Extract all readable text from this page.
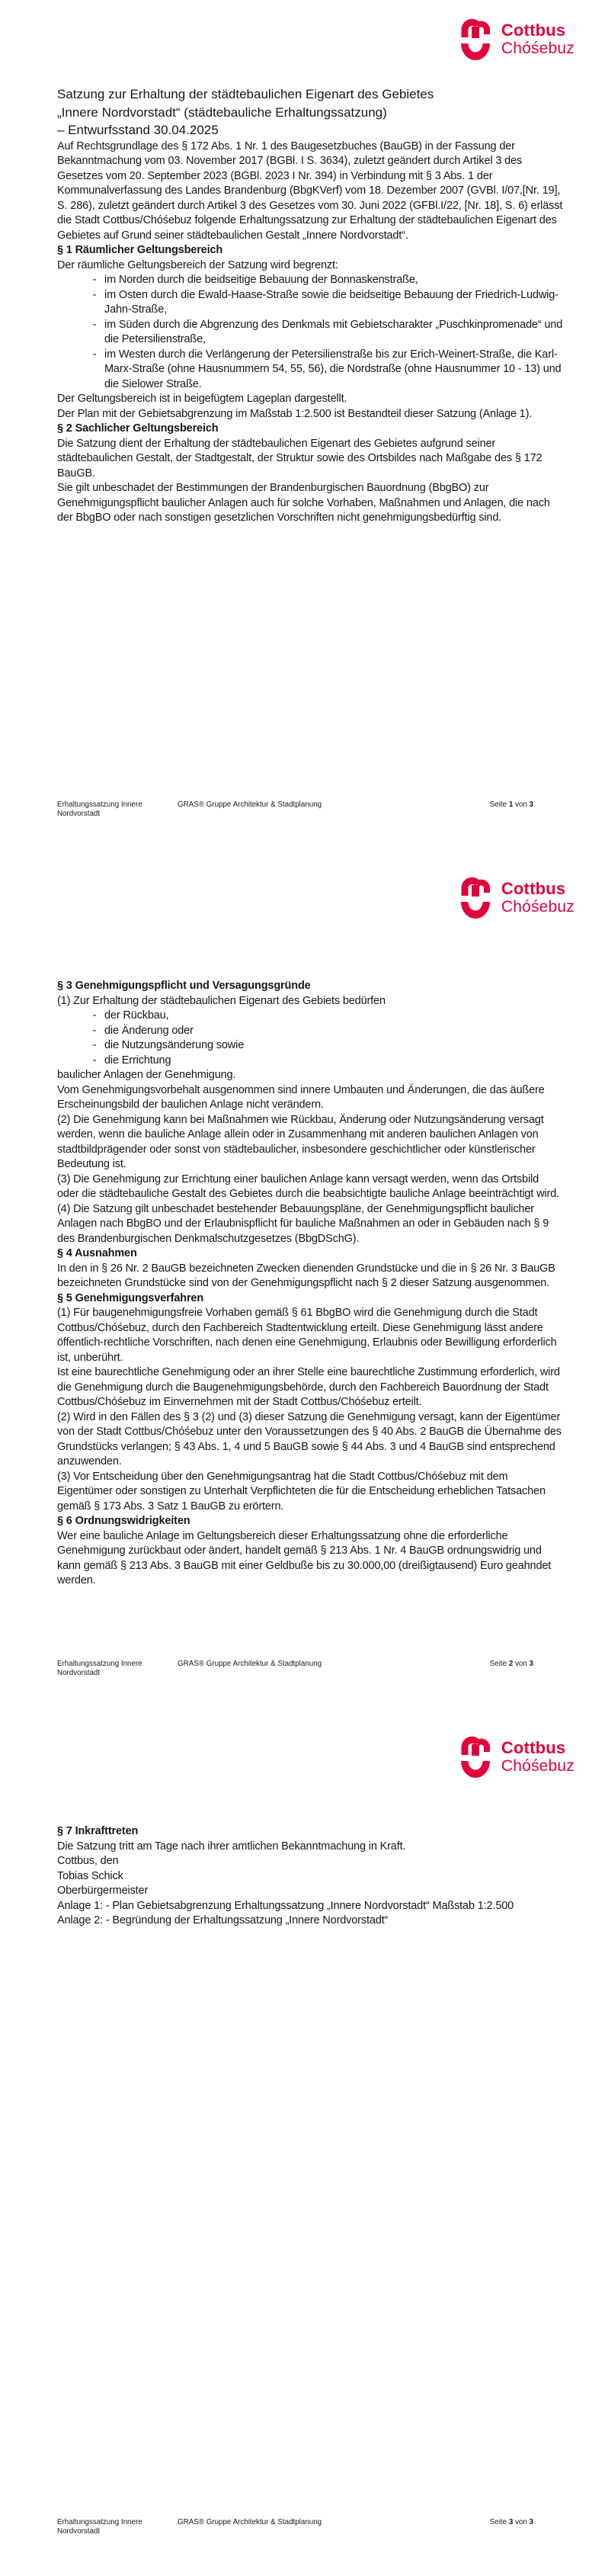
Cottbus
Chóśebuz

Satzung zur Erhaltung der städtebaulichen Eigenart des Gebietes

„Innere Nordvorstadt“ (städtebauliche Erhaltungssatzung)

– Entwurfsstand 30.04.2025

Auf Rechtsgrundlage des § 172 Abs. 1 Nr. 1 des Baugesetzbuches (BauGB) in der Fassung der Bekanntmachung vom 03. November 2017 (BGBl. I S. 3634), zuletzt geändert durch Artikel 3 des Gesetzes vom 20. September 2023 (BGBl. 2023 I Nr. 394) in Verbindung mit § 3 Abs. 1 der Kommunalverfassung des Landes Brandenburg (BbgKVerf) vom 18. Dezember 2007 (GVBl. I/07,[Nr. 19], S. 286), zuletzt geändert durch Artikel 3 des Gesetzes vom 30. Juni 2022 (GFBl.I/22, [Nr. 18], S. 6) erlässt die Stadt Cottbus/Chóśebuz folgende Erhaltungssatzung zur Erhaltung der städtebaulichen Eigenart des Gebietes auf Grund seiner städtebaulichen Gestalt „Innere Nordvorstadt“.

§ 1 Räumlicher Geltungsbereich

Der räumliche Geltungsbereich der Satzung wird begrenzt:

- im Norden durch die beidseitige Bebauung der Bonnaskenstraße,
- im Osten durch die Ewald-Haase-Straße sowie die beidseitige Bebauung der Friedrich-Ludwig-Jahn-Straße,
- im Süden durch die Abgrenzung des Denkmals mit Gebietscharakter „Puschkinpromenade“ und die Petersilienstraße,
- im Westen durch die Verlängerung der Petersilienstraße bis zur Erich-Weinert-Straße, die Karl-Marx-Straße (ohne Hausnummern 54, 55, 56), die Nordstraße (ohne Hausnummer 10 - 13) und die Sielower Straße.

Der Geltungsbereich ist in beigefügtem Lageplan dargestellt.

Der Plan mit der Gebietsabgrenzung im Maßstab 1:2.500 ist Bestandteil dieser Satzung (Anlage 1).

§ 2 Sachlicher Geltungsbereich

Die Satzung dient der Erhaltung der städtebaulichen Eigenart des Gebietes aufgrund seiner städtebaulichen Gestalt, der Stadtgestalt, der Struktur sowie des Ortsbildes nach Maßgabe des § 172 BauGB.

Sie gilt unbeschadet der Bestimmungen der Brandenburgischen Bauordnung (BbgBO) zur Genehmigungspflicht baulicher Anlagen auch für solche Vorhaben, Maßnahmen und Anlagen, die nach der BbgBO oder nach sonstigen gesetzlichen Vorschriften nicht genehmigungsbedürftig sind.

Erhaltungssatzung Innere Nordvorstadt
GRAS® Gruppe Architektur & Stadtplanung	Seite 1 von 3
Cottbus
Chóśebuz

§ 3 Genehmigungspflicht und Versagungsgründe

(1) Zur Erhaltung der städtebaulichen Eigenart des Gebiets bedürfen

- der Rückbau,
- die Änderung oder
- die Nutzungsänderung sowie
- die Errichtung

baulicher Anlagen der Genehmigung.

Vom Genehmigungsvorbehalt ausgenommen sind innere Umbauten und Änderungen, die das äußere Erscheinungsbild der baulichen Anlage nicht verändern.

(2) Die Genehmigung kann bei Maßnahmen wie Rückbau, Änderung oder Nutzungsänderung versagt werden, wenn die bauliche Anlage allein oder in Zusammenhang mit anderen baulichen Anlagen von stadtbildprägender oder sonst von städtebaulicher, insbesondere geschichtlicher oder künstlerischer Bedeutung ist.

(3) Die Genehmigung zur Errichtung einer baulichen Anlage kann versagt werden, wenn das Ortsbild oder die städtebauliche Gestalt des Gebietes durch die beabsichtigte bauliche Anlage beeinträchtigt wird.

(4) Die Satzung gilt unbeschadet bestehender Bebauungspläne, der Genehmigungspflicht baulicher Anlagen nach BbgBO und der Erlaubnispflicht für bauliche Maßnahmen an oder in Gebäuden nach § 9 des Brandenburgischen Denkmalschutzgesetzes (BbgDSchG).

§ 4 Ausnahmen

In den in § 26 Nr. 2 BauGB bezeichneten Zwecken dienenden Grundstücke und die in § 26 Nr. 3 BauGB bezeichneten Grundstücke sind von der Genehmigungspflicht nach § 2 dieser Satzung ausgenommen.

§ 5 Genehmigungsverfahren

(1) Für baugenehmigungsfreie Vorhaben gemäß § 61 BbgBO wird die Genehmigung durch die Stadt Cottbus/Chóśebuz, durch den Fachbereich Stadtentwicklung erteilt. Diese Genehmigung lässt andere öffentlich-rechtliche Vorschriften, nach denen eine Genehmigung, Erlaubnis oder Bewilligung erforderlich ist, unberührt.

Ist eine baurechtliche Genehmigung oder an ihrer Stelle eine baurechtliche Zustimmung erforderlich, wird die Genehmigung durch die Baugenehmigungsbehörde, durch den Fachbereich Bauordnung der Stadt Cottbus/Chóśebuz im Einvernehmen mit der Stadt Cottbus/Chóśebuz erteilt.

(2) Wird in den Fällen des § 3 (2) und (3) dieser Satzung die Genehmigung versagt, kann der Eigentümer von der Stadt Cottbus/Chóśebuz unter den Voraussetzungen des § 40 Abs. 2 BauGB die Übernahme des Grundstücks verlangen; § 43 Abs. 1, 4 und 5 BauGB sowie § 44 Abs. 3 und 4 BauGB sind entsprechend anzuwenden.

(3) Vor Entscheidung über den Genehmigungsantrag hat die Stadt Cottbus/Chóśebuz mit dem Eigentümer oder sonstigen zu Unterhalt Verpflichteten die für die Entscheidung erheblichen Tatsachen gemäß § 173 Abs. 3 Satz 1 BauGB zu erörtern.

§ 6 Ordnungswidrigkeiten

Wer eine bauliche Anlage im Geltungsbereich dieser Erhaltungssatzung ohne die erforderliche Genehmigung zurückbaut oder ändert, handelt gemäß § 213 Abs. 1 Nr. 4 BauGB ordnungswidrig und kann gemäß § 213 Abs. 3 BauGB mit einer Geldbuße bis zu 30.000,00 (dreißigtausend) Euro geahndet werden.

Erhaltungssatzung Innere Nordvorstadt
GRAS® Gruppe Architektur & Stadtplanung	Seite 2 von 3
Cottbus
Chóśebuz

§ 7 Inkrafttreten

Die Satzung tritt am Tage nach ihrer amtlichen Bekanntmachung in Kraft.

Cottbus, den

Tobias Schick

Oberbürgermeister

Anlage 1: - Plan Gebietsabgrenzung Erhaltungssatzung „Innere Nordvorstadt“ Maßstab 1:2.500

Anlage 2: - Begründung der Erhaltungssatzung „Innere Nordvorstadt“

Erhaltungssatzung Innere Nordvorstadt
GRAS® Gruppe Architektur & Stadtplanung	Seite 3 von 3
